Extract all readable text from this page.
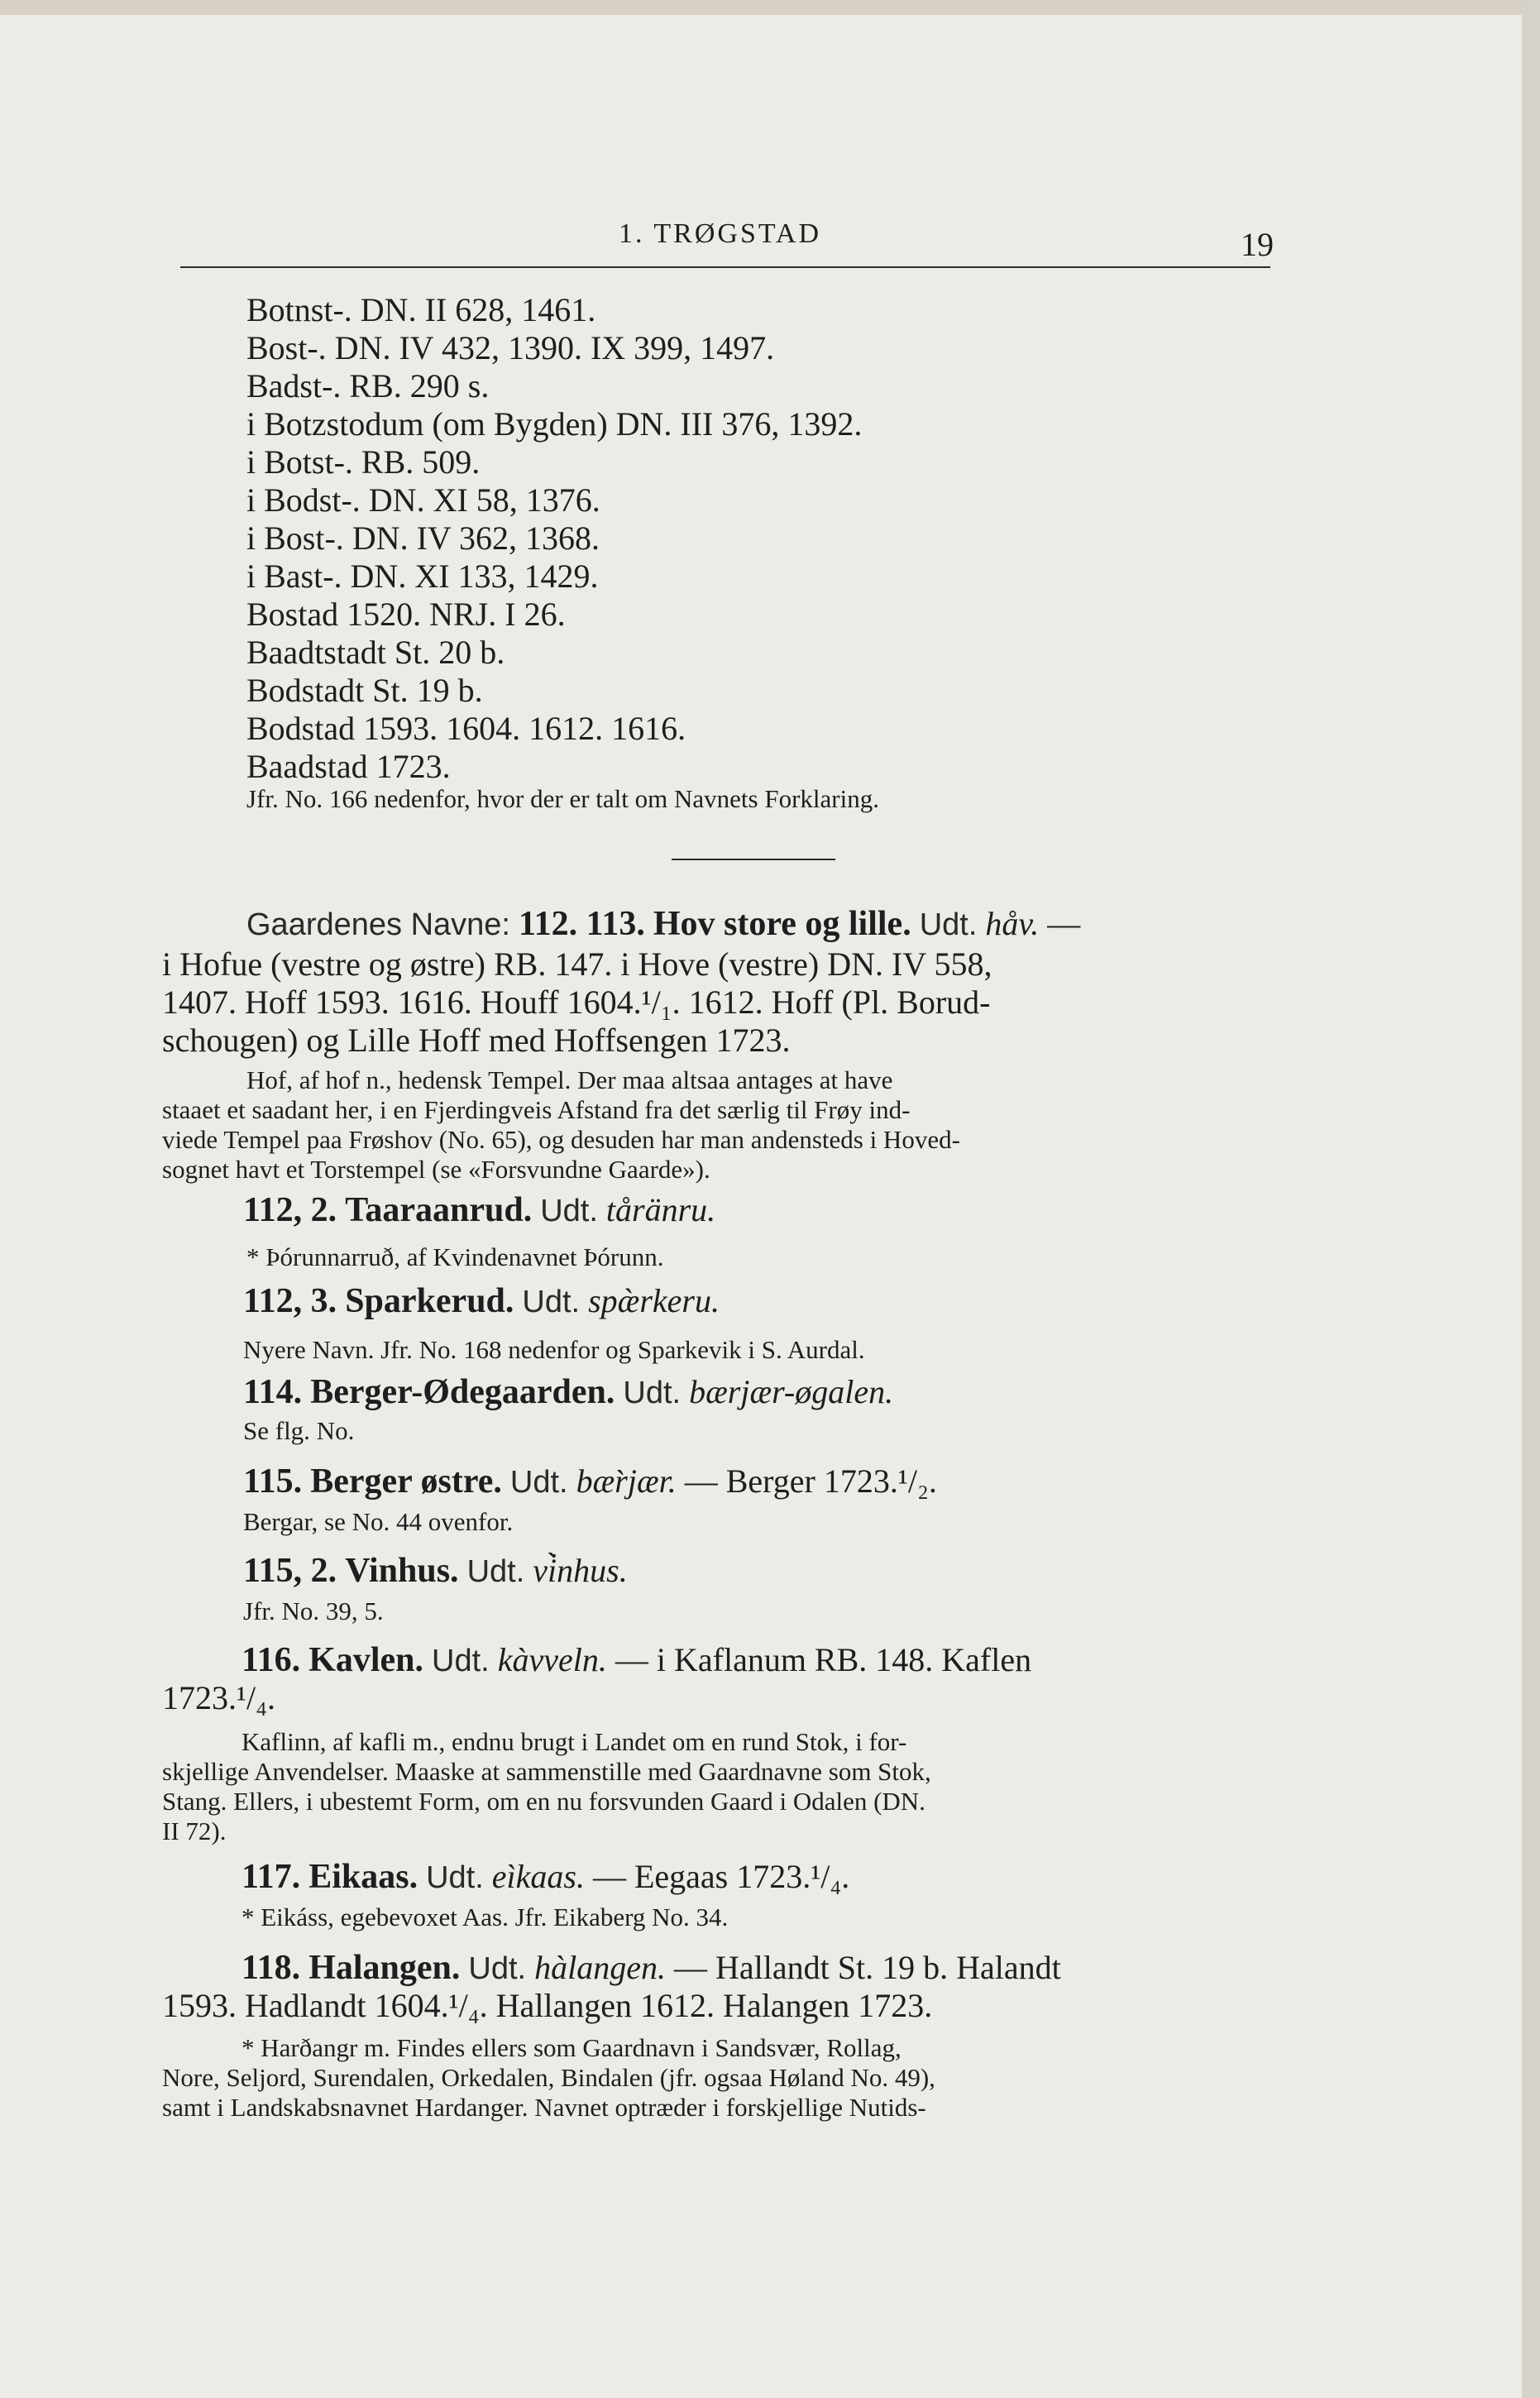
1. TRØGSTAD	19
Botnst-. DN. II 628, 1461.
Bost-. DN. IV 432, 1390. IX 399, 1497.
Badst-. RB. 290 s.
i Botzstodum (om Bygden) DN. III 376, 1392.
i Botst-. RB. 509.
i Bodst-. DN. XI 58, 1376.
i Bost-. DN. IV 362, 1368.
i Bast-. DN. XI 133, 1429.
Bostad 1520. NRJ. I 26.
Baadtstadt St. 20 b.
Bodstadt St. 19 b.
Bodstad 1593. 1604. 1612. 1616.
Baadstad 1723.
Jfr. No. 166 nedenfor, hvor der er talt om Navnets Forklaring.
Gaardenes Navne: 112. 113. Hov store og lille. Udt. håv. —
i Hofue (vestre og østre) RB. 147. i Hove (vestre) DN. IV 558,
1407. Hoff 1593. 1616. Houff 1604.¹/₁. 1612. Hoff (Pl. Borud-
schougen) og Lille Hoff med Hoffsengen 1723.
Hof, af hof n., hedensk Tempel. Der maa altsaa antages at have
staaet et saadant her, i en Fjerdingveis Afstand fra det særlig til Frøy ind-
viede Tempel paa Frøshov (No. 65), og desuden har man andensteds i Hoved-
sognet havt et Torstempel (se «Forsvundne Gaarde»).
112, 2. Taaraanrud. Udt. tåränru.
* Þórunnarruð, af Kvindenavnet Þórunn.
112, 3. Sparkerud. Udt. spæ̀rkeru.
Nyere Navn. Jfr. No. 168 nedenfor og Sparkevik i S. Aurdal.
114. Berger-Ødegaarden. Udt. bærjær-øgalen.
Se flg. No.
115. Berger østre. Udt. bær̀jær. — Berger 1723.¹/₂.
Bergar, se No. 44 ovenfor.
115, 2. Vinhus. Udt. vi̇̀nhus.
Jfr. No. 39, 5.
116. Kavlen. Udt. kàvveln. — i Kaflanum RB. 148. Kaflen
1723.¹/₄.
Kaflinn, af kafli m., endnu brugt i Landet om en rund Stok, i for-
skjellige Anvendelser. Maaske at sammenstille med Gaardnavne som Stok,
Stang. Ellers, i ubestemt Form, om en nu forsvunden Gaard i Odalen (DN.
II 72).
117. Eikaas. Udt. eìkaas. — Eegaas 1723.¹/₄.
* Eikáss, egebevoxet Aas. Jfr. Eikaberg No. 34.
118. Halangen. Udt. hàlangen. — Hallandt St. 19 b. Halandt
1593. Hadlandt 1604.¹/₄. Hallangen 1612. Halangen 1723.
* Harðangr m. Findes ellers som Gaardnavn i Sandsvær, Rollag,
Nore, Seljord, Surendalen, Orkedalen, Bindalen (jfr. ogsaa Høland No. 49),
samt i Landskabsnavnet Hardanger. Navnet optræder i forskjellige Nutids-
